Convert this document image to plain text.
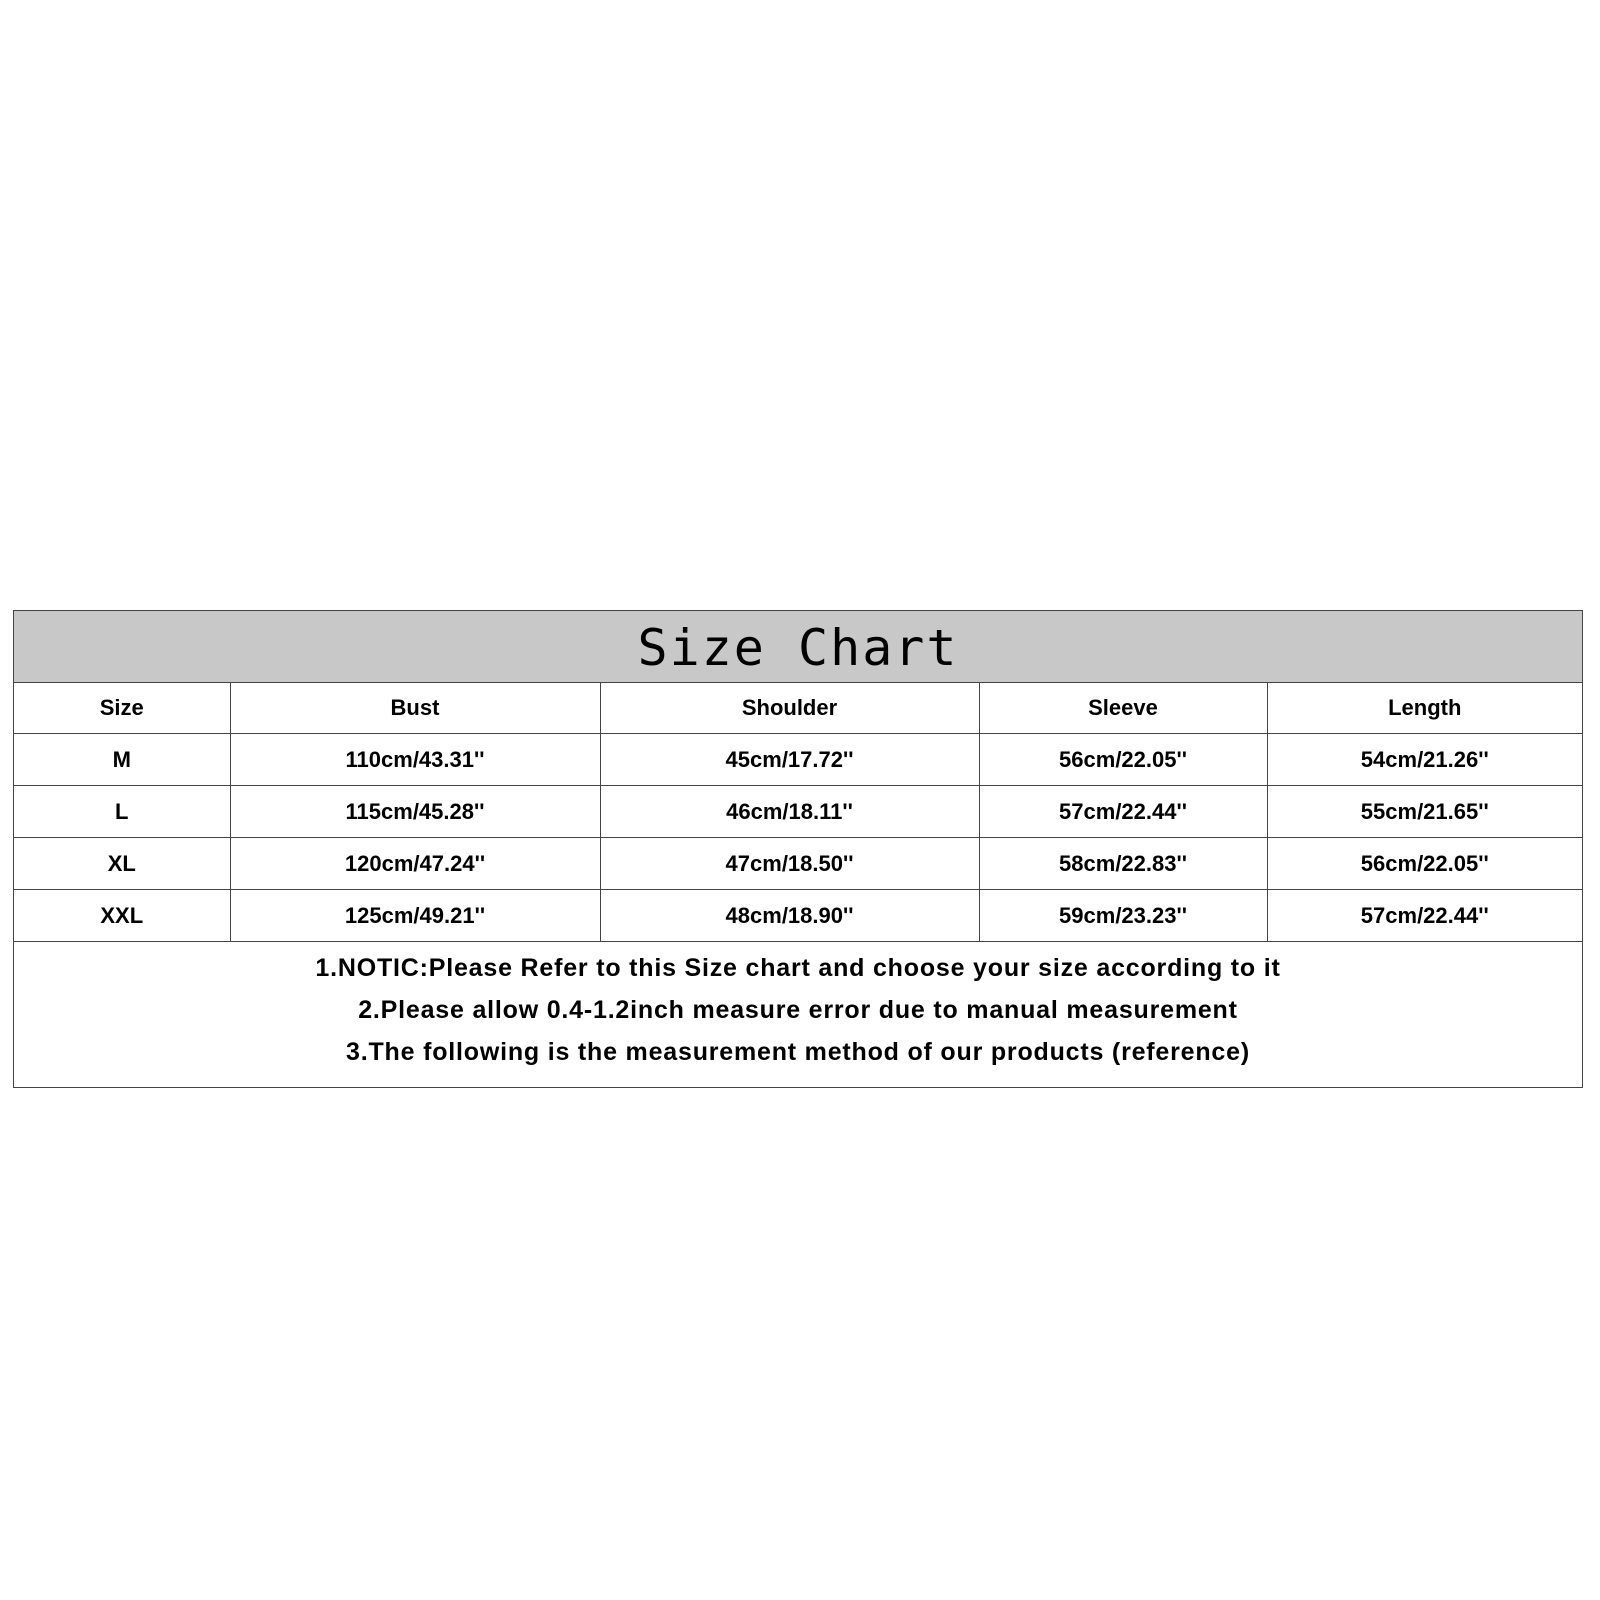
Size Chart
Size	Bust	Shoulder	Sleeve	Length
M	110cm/43.31''	45cm/17.72''	56cm/22.05''	54cm/21.26''
L	115cm/45.28''	46cm/18.11''	57cm/22.44''	55cm/21.65''
XL	120cm/47.24''	47cm/18.50''	58cm/22.83''	56cm/22.05''
XXL	125cm/49.21''	48cm/18.90''	59cm/23.23''	57cm/22.44''
1.NOTIC:Please Refer to this Size chart and choose your size according to it
2.Please allow 0.4-1.2inch measure error due to manual measurement
3.The following is the measurement method of our products (reference)
